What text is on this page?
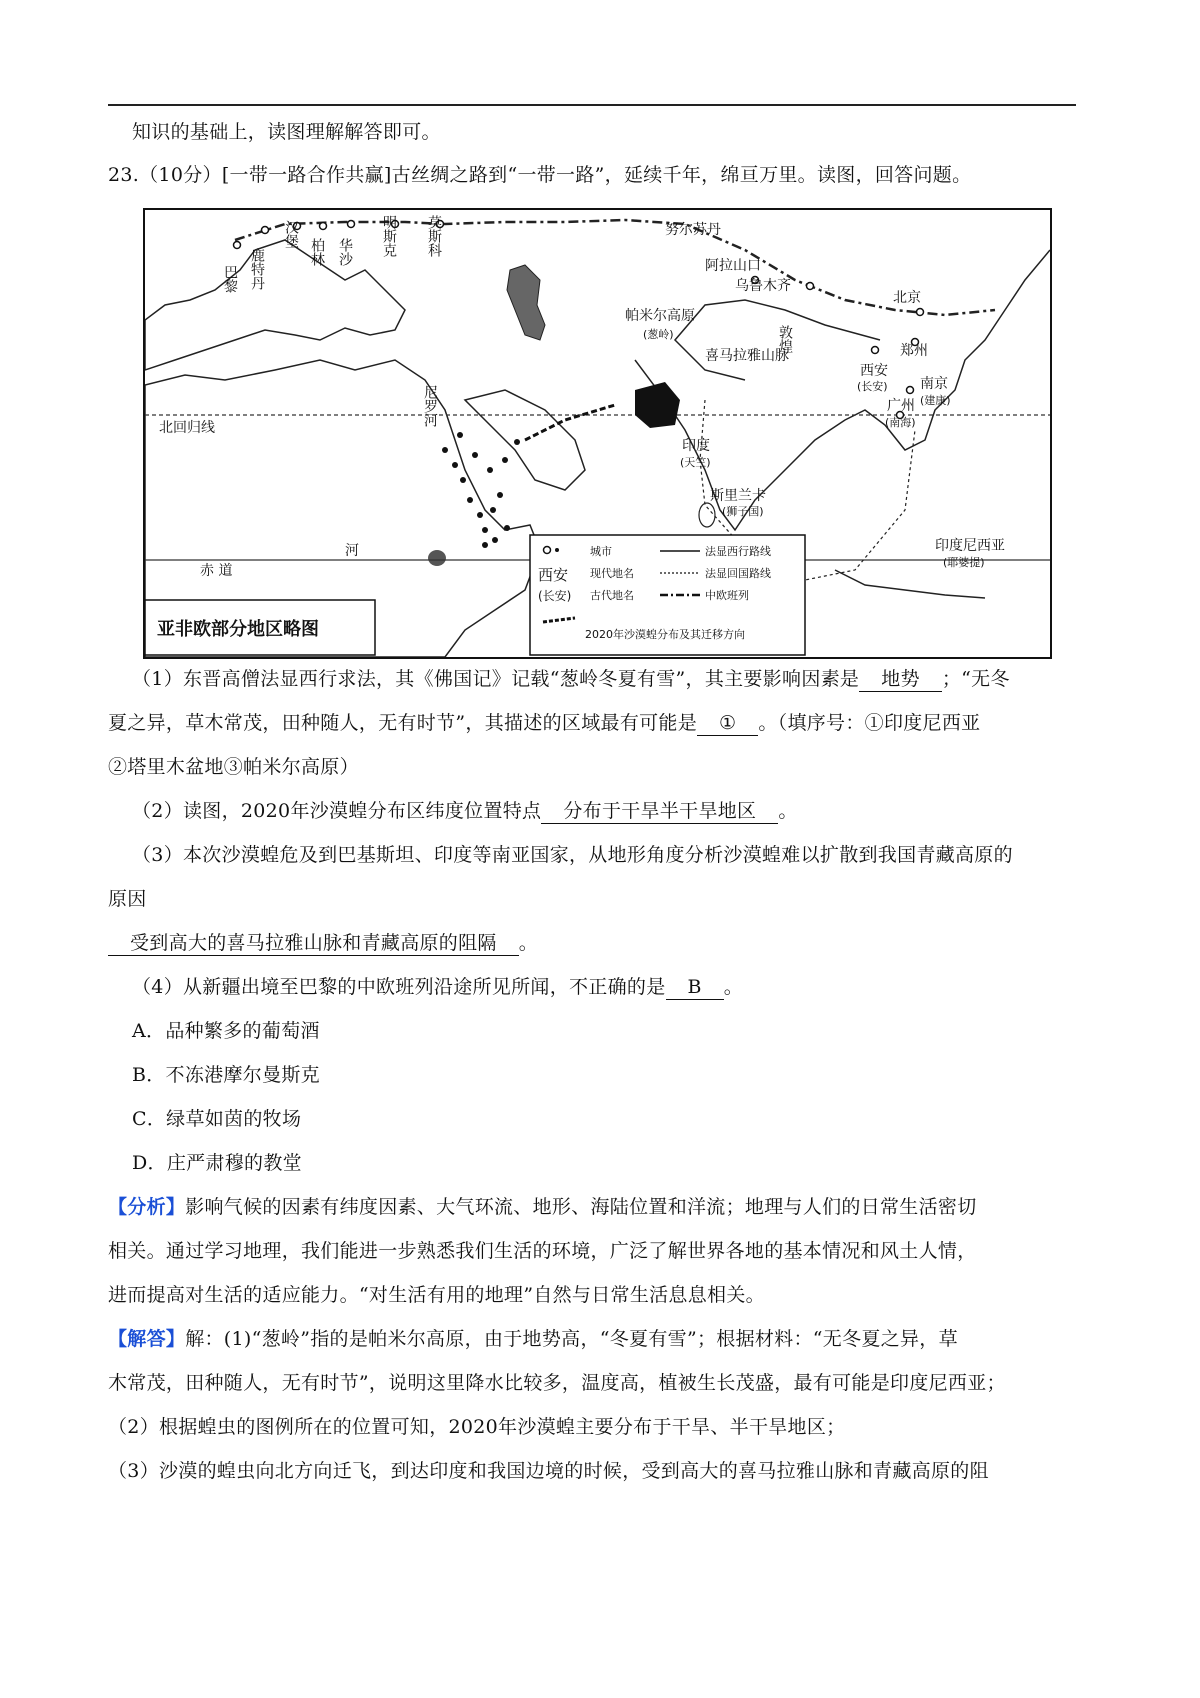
知识的基础上，读图理解解答即可。
23.（10分）[一带一路合作共赢]古丝绸之路到“一带一路”，延续千年，绵亘万里。读图，回答问题。
巴黎 鹿特丹
汉堡
柏林 华沙 明斯克 莫斯科	努尔苏丹
阿拉山口
乌鲁木齐
北京
帕米尔高原
(葱岭)	敦煌	郑州
西安
(长安) 南京
(建康)
广州
(南海)
喜马拉雅山脉
印度
(天竺)
斯里兰卡
(狮子国)
印度尼西亚
(耶婆提)
尼罗河
河
北回归线
赤 道
亚非欧部分地区略图
城市
西安
(长安)
现代地名
古代地名
法显西行路线
法显回国路线
中欧班列
2020年沙漠蝗分布及其迁移方向
（1）东晋高僧法显西行求法，其《佛国记》记载“葱岭冬夏有雪”，其主要影响因素是 地势 ；“无冬
夏之异，草木常茂，田种随人，无有时节”，其描述的区域最有可能是 ① 。（填序号：①印度尼西亚
②塔里木盆地③帕米尔高原）
（2）读图，2020年沙漠蝗分布区纬度位置特点 分布于干旱半干旱地区 。
（3）本次沙漠蝗危及到巴基斯坦、印度等南亚国家，从地形角度分析沙漠蝗难以扩散到我国青藏高原的
原因
受到高大的喜马拉雅山脉和青藏高原的阻隔 。
（4）从新疆出境至巴黎的中欧班列沿途所见所闻，不正确的是 B 。
A．品种繁多的葡萄酒
B．不冻港摩尔曼斯克
C．绿草如茵的牧场
D．庄严肃穆的教堂
【分析】影响气候的因素有纬度因素、大气环流、地形、海陆位置和洋流；地理与人们的日常生活密切
相关。通过学习地理，我们能进一步熟悉我们生活的环境，广泛了解世界各地的基本情况和风土人情，
进而提高对生活的适应能力。“对生活有用的地理”自然与日常生活息息相关。
【解答】解：(1)“葱岭”指的是帕米尔高原，由于地势高，“冬夏有雪”；根据材料：“无冬夏之异，草
木常茂，田种随人，无有时节”，说明这里降水比较多，温度高，植被生长茂盛，最有可能是印度尼西亚；
（2）根据蝗虫的图例所在的位置可知，2020年沙漠蝗主要分布于干旱、半干旱地区；
（3）沙漠的蝗虫向北方向迁飞，到达印度和我国边境的时候，受到高大的喜马拉雅山脉和青藏高原的阻
